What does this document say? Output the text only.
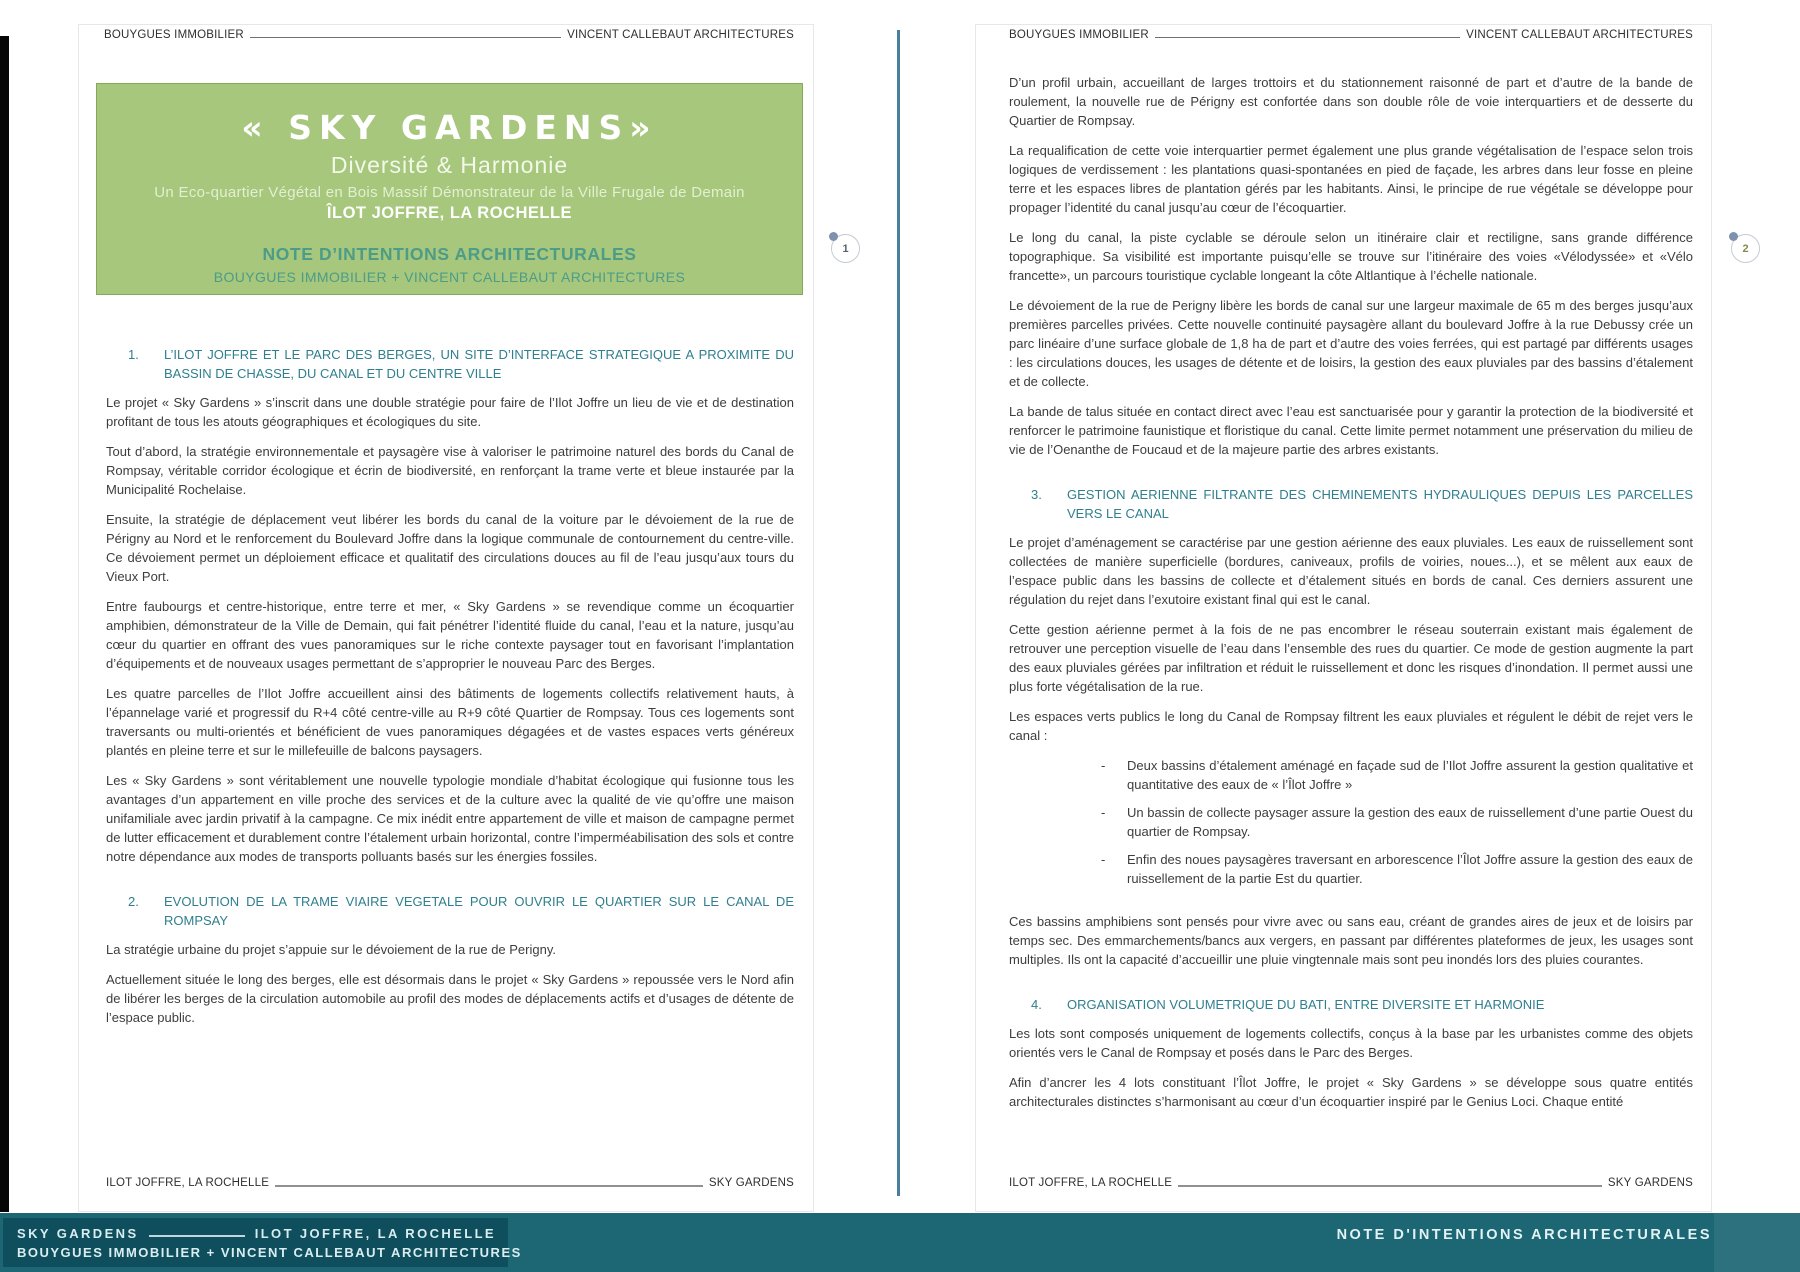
BOUYGUES IMMOBILIER	VINCENT CALLEBAUT ARCHITECTURES
« SKY GARDENS»
Diversité & Harmonie
Un Eco-quartier Végétal en Bois Massif Démonstrateur de la Ville Frugale de Demain
ÎLOT JOFFRE, LA ROCHELLE
NOTE D’INTENTIONS ARCHITECTURALES
BOUYGUES IMMOBILIER + VINCENT CALLEBAUT ARCHITECTURES
1.	L’ILOT JOFFRE ET LE PARC DES BERGES, UN SITE D’INTERFACE STRATEGIQUE A PROXIMITE DU BASSIN DE CHASSE, DU CANAL ET DU CENTRE VILLE

Le projet « Sky Gardens » s’inscrit dans une double stratégie pour faire de l’Ilot Joffre un lieu de vie et de destination profitant de tous les atouts géographiques et écologiques du site.

Tout d’abord, la stratégie environnementale et paysagère vise à valoriser le patrimoine naturel des bords du Canal de Rompsay, véritable corridor écologique et écrin de biodiversité, en renforçant la trame verte et bleue instaurée par la Municipalité Rochelaise.

Ensuite, la stratégie de déplacement veut libérer les bords du canal de la voiture par le dévoiement de la rue de Périgny au Nord et le renforcement du Boulevard Joffre dans la logique communale de contournement du centre-ville. Ce dévoiement permet un déploiement efficace et qualitatif des circulations douces au fil de l’eau jusqu’aux tours du Vieux Port.

Entre faubourgs et centre-historique, entre terre et mer, « Sky Gardens » se revendique comme un écoquartier amphibien, démonstrateur de la Ville de Demain, qui fait pénétrer l’identité fluide du canal, l’eau et la nature, jusqu’au cœur du quartier en offrant des vues panoramiques sur le riche contexte paysager tout en favorisant l’implantation d’équipements et de nouveaux usages permettant de s’approprier le nouveau Parc des Berges.

Les quatre parcelles de l’Ilot Joffre accueillent ainsi des bâtiments de logements collectifs relativement hauts, à l’épannelage varié et progressif du R+4 côté centre-ville au R+9 côté Quartier de Rompsay. Tous ces logements sont traversants ou multi-orientés et bénéficient de vues panoramiques dégagées et de vastes espaces verts généreux plantés en pleine terre et sur le millefeuille de balcons paysagers.

Les « Sky Gardens » sont véritablement une nouvelle typologie mondiale d’habitat écologique qui fusionne tous les avantages d’un appartement en ville proche des services et de la culture avec la qualité de vie qu’offre une maison unifamiliale avec jardin privatif à la campagne. Ce mix inédit entre appartement de ville et maison de campagne permet de lutter efficacement et durablement contre l’étalement urbain horizontal, contre l’imperméabilisation des sols et contre notre dépendance aux modes de transports polluants basés sur les énergies fossiles.

2.	EVOLUTION DE LA TRAME VIAIRE VEGETALE POUR OUVRIR LE QUARTIER SUR LE CANAL DE ROMPSAY

La stratégie urbaine du projet s’appuie sur le dévoiement de la rue de Perigny.

Actuellement située le long des berges, elle est désormais dans le projet « Sky Gardens » repoussée vers le Nord afin de libérer les berges de la circulation automobile au profil des modes de déplacements actifs et d’usages de détente de l’espace public.

ILOT JOFFRE, LA ROCHELLE	SKY GARDENS
1
BOUYGUES IMMOBILIER	VINCENT CALLEBAUT ARCHITECTURES

D’un profil urbain, accueillant de larges trottoirs et du stationnement raisonné de part et d’autre de la bande de roulement, la nouvelle rue de Périgny est confortée dans son double rôle de voie interquartiers et de desserte du Quartier de Rompsay.

La requalification de cette voie interquartier permet également une plus grande végétalisation de l’espace selon trois logiques de verdissement : les plantations quasi-spontanées en pied de façade, les arbres dans leur fosse en pleine terre et les espaces libres de plantation gérés par les habitants. Ainsi, le principe de rue végétale se développe pour propager l’identité du canal jusqu’au cœur de l’écoquartier.

Le long du canal, la piste cyclable se déroule selon un itinéraire clair et rectiligne, sans grande différence topographique. Sa visibilité est importante puisqu’elle se trouve sur l’itinéraire des voies «Vélodyssée» et «Vélo francette», un parcours touristique cyclable longeant la côte Altlantique à l’échelle nationale.

Le dévoiement de la rue de Perigny libère les bords de canal sur une largeur maximale de 65 m des berges jusqu’aux premières parcelles privées. Cette nouvelle continuité paysagère allant du boulevard Joffre à la rue Debussy crée un parc linéaire d’une surface globale de 1,8 ha de part et d’autre des voies ferrées, qui est partagé par différents usages : les circulations douces, les usages de détente et de loisirs, la gestion des eaux pluviales par des bassins d’étalement et de collecte.

La bande de talus située en contact direct avec l’eau est sanctuarisée pour y garantir la protection de la biodiversité et renforcer le patrimoine faunistique et floristique du canal. Cette limite permet notamment une préservation du milieu de vie de l’Oenanthe de Foucaud et de la majeure partie des arbres existants.

3.	GESTION AERIENNE FILTRANTE DES CHEMINEMENTS HYDRAULIQUES DEPUIS LES PARCELLES VERS LE CANAL

Le projet d’aménagement se caractérise par une gestion aérienne des eaux pluviales. Les eaux de ruissellement sont collectées de manière superficielle (bordures, caniveaux, profils de voiries, noues...), et se mêlent aux eaux de l’espace public dans les bassins de collecte et d’étalement situés en bords de canal. Ces derniers assurent une régulation du rejet dans l’exutoire existant final qui est le canal.

Cette gestion aérienne permet à la fois de ne pas encombrer le réseau souterrain existant mais également de retrouver une perception visuelle de l’eau dans l’ensemble des rues du quartier. Ce mode de gestion augmente la part des eaux pluviales gérées par infiltration et réduit le ruissellement et donc les risques d’inondation. Il permet aussi une plus forte végétalisation de la rue.

Les espaces verts publics le long du Canal de Rompsay filtrent les eaux pluviales et régulent le débit de rejet vers le canal :

-	Deux bassins d’étalement aménagé en façade sud de l’Ilot Joffre assurent la gestion qualitative et quantitative des eaux de « l’Îlot Joffre »
-	Un bassin de collecte paysager assure la gestion des eaux de ruissellement d’une partie Ouest du quartier de Rompsay.
-	Enfin des noues paysagères traversant en arborescence l’Îlot Joffre assure la gestion des eaux de ruissellement de la partie Est du quartier.

Ces bassins amphibiens sont pensés pour vivre avec ou sans eau, créant de grandes aires de jeux et de loisirs par temps sec. Des emmarchements/bancs aux vergers, en passant par différentes plateformes de jeux, les usages sont multiples. Ils ont la capacité d’accueillir une pluie vingtennale mais sont peu inondés lors des pluies courantes.

4.	ORGANISATION VOLUMETRIQUE DU BATI, ENTRE DIVERSITE ET HARMONIE

Les lots sont composés uniquement de logements collectifs, conçus à la base par les urbanistes comme des objets orientés vers le Canal de Rompsay et posés dans le Parc des Berges.

Afin d’ancrer les 4 lots constituant l’Îlot Joffre, le projet « Sky Gardens » se développe sous quatre entités architecturales distinctes s’harmonisant au cœur d’un écoquartier inspiré par le Genius Loci. Chaque entité

ILOT JOFFRE, LA ROCHELLE	SKY GARDENS
2
SKY GARDENS	ILOT JOFFRE, LA ROCHELLE
BOUYGUES IMMOBILIER + VINCENT CALLEBAUT ARCHITECTURES
NOTE D'INTENTIONS ARCHITECTURALES
